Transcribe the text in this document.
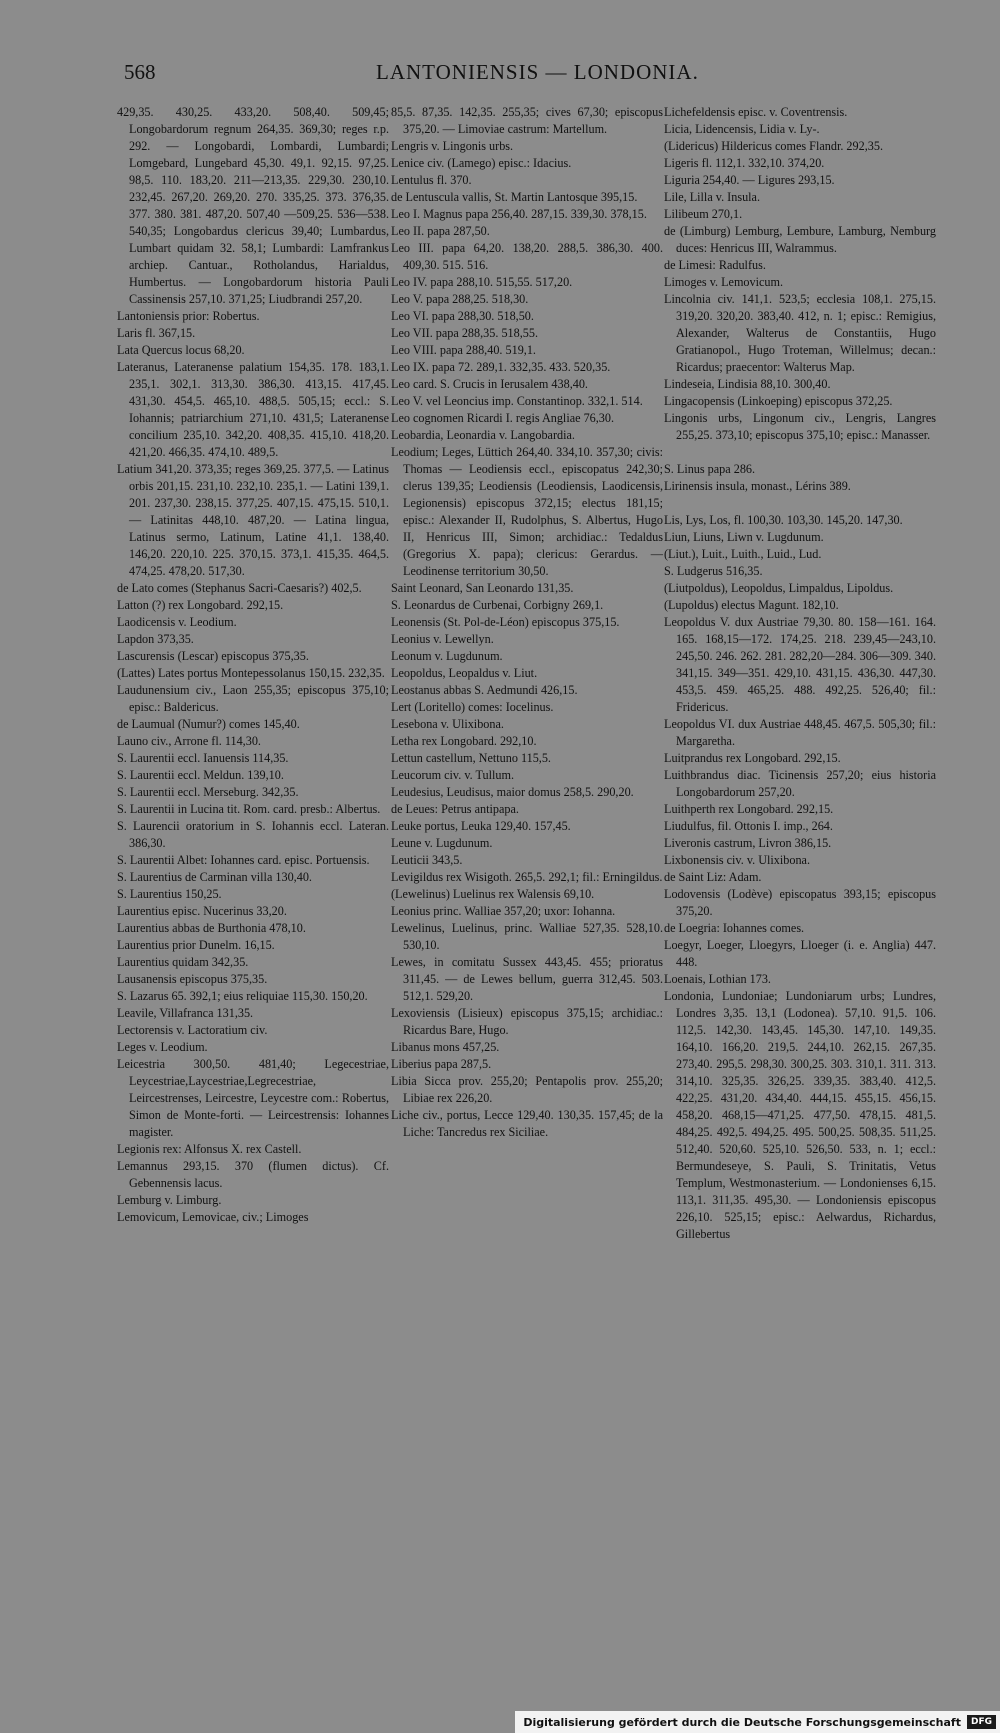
568	LANTONIENSIS — LONDONIA.

429,35. 430,25. 433,20. 508,40. 509,45; Longobardorum regnum 264,35. 369,30; reges r.p. 292. — Longobardi, Lombardi, Lumbardi; Lomgebard, Lungebard 45,30. 49,1. 92,15. 97,25. 98,5. 110. 183,20. 211—213,35. 229,30. 230,10. 232,45. 267,20. 269,20. 270. 335,25. 373. 376,35. 377. 380. 381. 487,20. 507,40 —509,25. 536—538. 540,35; Longobardus clericus 39,40; Lumbardus, Lumbart quidam 32. 58,1; Lumbardi: Lamfrankus archiep. Cantuar., Rotholandus, Harialdus, Humbertus. — Longobardorum historia Pauli Cassinensis 257,10. 371,25; Liudbrandi 257,20.

Lantoniensis prior: Robertus.

Laris fl. 367,15.

Lata Quercus locus 68,20.

Lateranus, Lateranense palatium 154,35. 178. 183,1. 235,1. 302,1. 313,30. 386,30. 413,15. 417,45. 431,30. 454,5. 465,10. 488,5. 505,15; eccl.: S. Iohannis; patriarchium 271,10. 431,5; Lateranense concilium 235,10. 342,20. 408,35. 415,10. 418,20. 421,20. 466,35. 474,10. 489,5.

Latium 341,20. 373,35; reges 369,25. 377,5. — Latinus orbis 201,15. 231,10. 232,10. 235,1. — Latini 139,1. 201. 237,30. 238,15. 377,25. 407,15. 475,15. 510,1. — Latinitas 448,10. 487,20. — Latina lingua, Latinus sermo, Latinum, Latine 41,1. 138,40. 146,20. 220,10. 225. 370,15. 373,1. 415,35. 464,5. 474,25. 478,20. 517,30.

de Lato comes (Stephanus Sacri-Caesaris?) 402,5.

Latton (?) rex Longobard. 292,15.

Laodicensis v. Leodium.

Lapdon 373,35.

Lascurensis (Lescar) episcopus 375,35.

(Lattes) Lates portus Montepessolanus 150,15. 232,35.

Laudunensium civ., Laon 255,35; episcopus 375,10; episc.: Baldericus.

de Laumual (Numur?) comes 145,40.

Launo civ., Arrone fl. 114,30.

S. Laurentii eccl. Ianuensis 114,35.

S. Laurentii eccl. Meldun. 139,10.

S. Laurentii eccl. Merseburg. 342,35.

S. Laurentii in Lucina tit. Rom. card. presb.: Albertus.

S. Laurencii oratorium in S. Iohannis eccl. Lateran. 386,30.

S. Laurentii Albet: Iohannes card. episc. Portuensis.

S. Laurentius de Carminan villa 130,40.

S. Laurentius 150,25.

Laurentius episc. Nucerinus 33,20.

Laurentius abbas de Burthonia 478,10.

Laurentius prior Dunelm. 16,15.

Laurentius quidam 342,35.

Lausanensis episcopus 375,35.

S. Lazarus 65. 392,1; eius reliquiae 115,30. 150,20.

Leavile, Villafranca 131,35.

Lectorensis v. Lactoratium civ.

Leges v. Leodium.

Leicestria 300,50. 481,40; Legecestriae, Leycestriae,Laycestriae,Legrecestriae, Leircestrenses, Leircestre, Leycestre com.: Robertus, Simon de Monte-forti. — Leircestrensis: Iohannes magister.

Legionis rex: Alfonsus X. rex Castell.

Lemannus 293,15. 370 (flumen dictus). Cf. Gebennensis lacus.

Lemburg v. Limburg.

Lemovicum, Lemovicae, civ.; Limoges

85,5. 87,35. 142,35. 255,35; cives 67,30; episcopus 375,20. — Limoviae castrum: Martellum.

Lengris v. Lingonis urbs.

Lenice civ. (Lamego) episc.: Idacius.

Lentulus fl. 370.

de Lentuscula vallis, St. Martin Lantosque 395,15.

Leo I. Magnus papa 256,40. 287,15. 339,30. 378,15.

Leo II. papa 287,50.

Leo III. papa 64,20. 138,20. 288,5. 386,30. 400. 409,30. 515. 516.

Leo IV. papa 288,10. 515,55. 517,20.

Leo V. papa 288,25. 518,30.

Leo VI. papa 288,30. 518,50.

Leo VII. papa 288,35. 518,55.

Leo VIII. papa 288,40. 519,1.

Leo IX. papa 72. 289,1. 332,35. 433. 520,35.

Leo card. S. Crucis in Ierusalem 438,40.

Leo V. vel Leoncius imp. Constantinop. 332,1. 514.

Leo cognomen Ricardi I. regis Angliae 76,30.

Leobardia, Leonardia v. Langobardia.

Leodium; Leges, Lüttich 264,40. 334,10. 357,30; civis: Thomas — Leodiensis eccl., episcopatus 242,30; clerus 139,35; Leodiensis (Leodiensis, Laodicensis, Legionensis) episcopus 372,15; electus 181,15; episc.: Alexander II, Rudolphus, S. Albertus, Hugo II, Henricus III, Simon; archidiac.: Tedaldus (Gregorius X. papa); clericus: Gerardus. — Leodinense territorium 30,50.

Saint Leonard, San Leonardo 131,35.

S. Leonardus de Curbenai, Corbigny 269,1.

Leonensis (St. Pol-de-Léon) episcopus 375,15.

Leonius v. Lewellyn.

Leonum v. Lugdunum.

Leopoldus, Leopaldus v. Liut.

Leostanus abbas S. Aedmundi 426,15.

Lert (Loritello) comes: Iocelinus.

Lesebona v. Ulixibona.

Letha rex Longobard. 292,10.

Lettun castellum, Nettuno 115,5.

Leucorum civ. v. Tullum.

Leudesius, Leudisus, maior domus 258,5. 290,20.

de Leues: Petrus antipapa.

Leuke portus, Leuka 129,40. 157,45.

Leune v. Lugdunum.

Leuticii 343,5.

Levigildus rex Wisigoth. 265,5. 292,1; fil.: Erningildus.

(Lewelinus) Luelinus rex Walensis 69,10.

Leonius princ. Walliae 357,20; uxor: Iohanna.

Lewelinus, Luelinus, princ. Walliae 527,35. 528,10. 530,10.

Lewes, in comitatu Sussex 443,45. 455; prioratus 311,45. — de Lewes bellum, guerra 312,45. 503. 512,1. 529,20.

Lexoviensis (Lisieux) episcopus 375,15; archidiac.: Ricardus Bare, Hugo.

Libanus mons 457,25.

Liberius papa 287,5.

Libia Sicca prov. 255,20; Pentapolis prov. 255,20; Libiae rex 226,20.

Liche civ., portus, Lecce 129,40. 130,35. 157,45; de la Liche: Tancredus rex Siciliae.

Lichefeldensis episc. v. Coventrensis.

Licia, Lidencensis, Lidia v. Ly-.

(Lidericus) Hildericus comes Flandr. 292,35.

Ligeris fl. 112,1. 332,10. 374,20.

Liguria 254,40. — Ligures 293,15.

Lile, Lilla v. Insula.

Lilibeum 270,1.

de (Limburg) Lemburg, Lembure, Lamburg, Nemburg duces: Henricus III, Walrammus.

de Limesi: Radulfus.

Limoges v. Lemovicum.

Lincolnia civ. 141,1. 523,5; ecclesia 108,1. 275,15. 319,20. 320,20. 383,40. 412, n. 1; episc.: Remigius, Alexander, Walterus de Constantiis, Hugo Gratianopol., Hugo Troteman, Willelmus; decan.: Ricardus; praecentor: Walterus Map.

Lindeseia, Lindisia 88,10. 300,40.

Lingacopensis (Linkoeping) episcopus 372,25.

Lingonis urbs, Lingonum civ., Lengris, Langres 255,25. 373,10; episcopus 375,10; episc.: Manasser.

S. Linus papa 286.

Lirinensis insula, monast., Lérins 389.

Lis, Lys, Los, fl. 100,30. 103,30. 145,20. 147,30.

Liun, Liuns, Liwn v. Lugdunum.

(Liut.), Luit., Luith., Luid., Lud.

S. Ludgerus 516,35.

(Liutpoldus), Leopoldus, Limpaldus, Lipoldus.

(Lupoldus) electus Magunt. 182,10.

Leopoldus V. dux Austriae 79,30. 80. 158—161. 164. 165. 168,15—172. 174,25. 218. 239,45—243,10. 245,50. 246. 262. 281. 282,20—284. 306—309. 340. 341,15. 349—351. 429,10. 431,15. 436,30. 447,30. 453,5. 459. 465,25. 488. 492,25. 526,40; fil.: Fridericus.

Leopoldus VI. dux Austriae 448,45. 467,5. 505,30; fil.: Margaretha.

Luitprandus rex Longobard. 292,15.

Luithbrandus diac. Ticinensis 257,20; eius historia Longobardorum 257,20.

Luithperth rex Longobard. 292,15.

Liudulfus, fil. Ottonis I. imp., 264.

Liveronis castrum, Livron 386,15.

Lixbonensis civ. v. Ulixibona.

de Saint Liz: Adam.

Lodovensis (Lodève) episcopatus 393,15; episcopus 375,20.

de Loegria: Iohannes comes.

Loegyr, Loeger, Lloegyrs, Lloeger (i. e. Anglia) 447. 448.

Loenais, Lothian 173.

Londonia, Lundoniae; Lundoniarum urbs; Lundres, Londres 3,35. 13,1 (Lodonea). 57,10. 91,5. 106. 112,5. 142,30. 143,45. 145,30. 147,10. 149,35. 164,10. 166,20. 219,5. 244,10. 262,15. 267,35. 273,40. 295,5. 298,30. 300,25. 303. 310,1. 311. 313. 314,10. 325,35. 326,25. 339,35. 383,40. 412,5. 422,25. 431,20. 434,40. 444,15. 455,15. 456,15. 458,20. 468,15—471,25. 477,50. 478,15. 481,5. 484,25. 492,5. 494,25. 495. 500,25. 508,35. 511,25. 512,40. 520,60. 525,10. 526,50. 533, n. 1; eccl.: Bermundeseye, S. Pauli, S. Trinitatis, Vetus Templum, Westmonasterium. — Londonienses 6,15. 113,1. 311,35. 495,30. — Londoniensis episcopus 226,10. 525,15; episc.: Aelwardus, Richardus, Gillebertus

Digitalisierung gefördert durch die Deutsche Forschungsgemeinschaft	DFG
